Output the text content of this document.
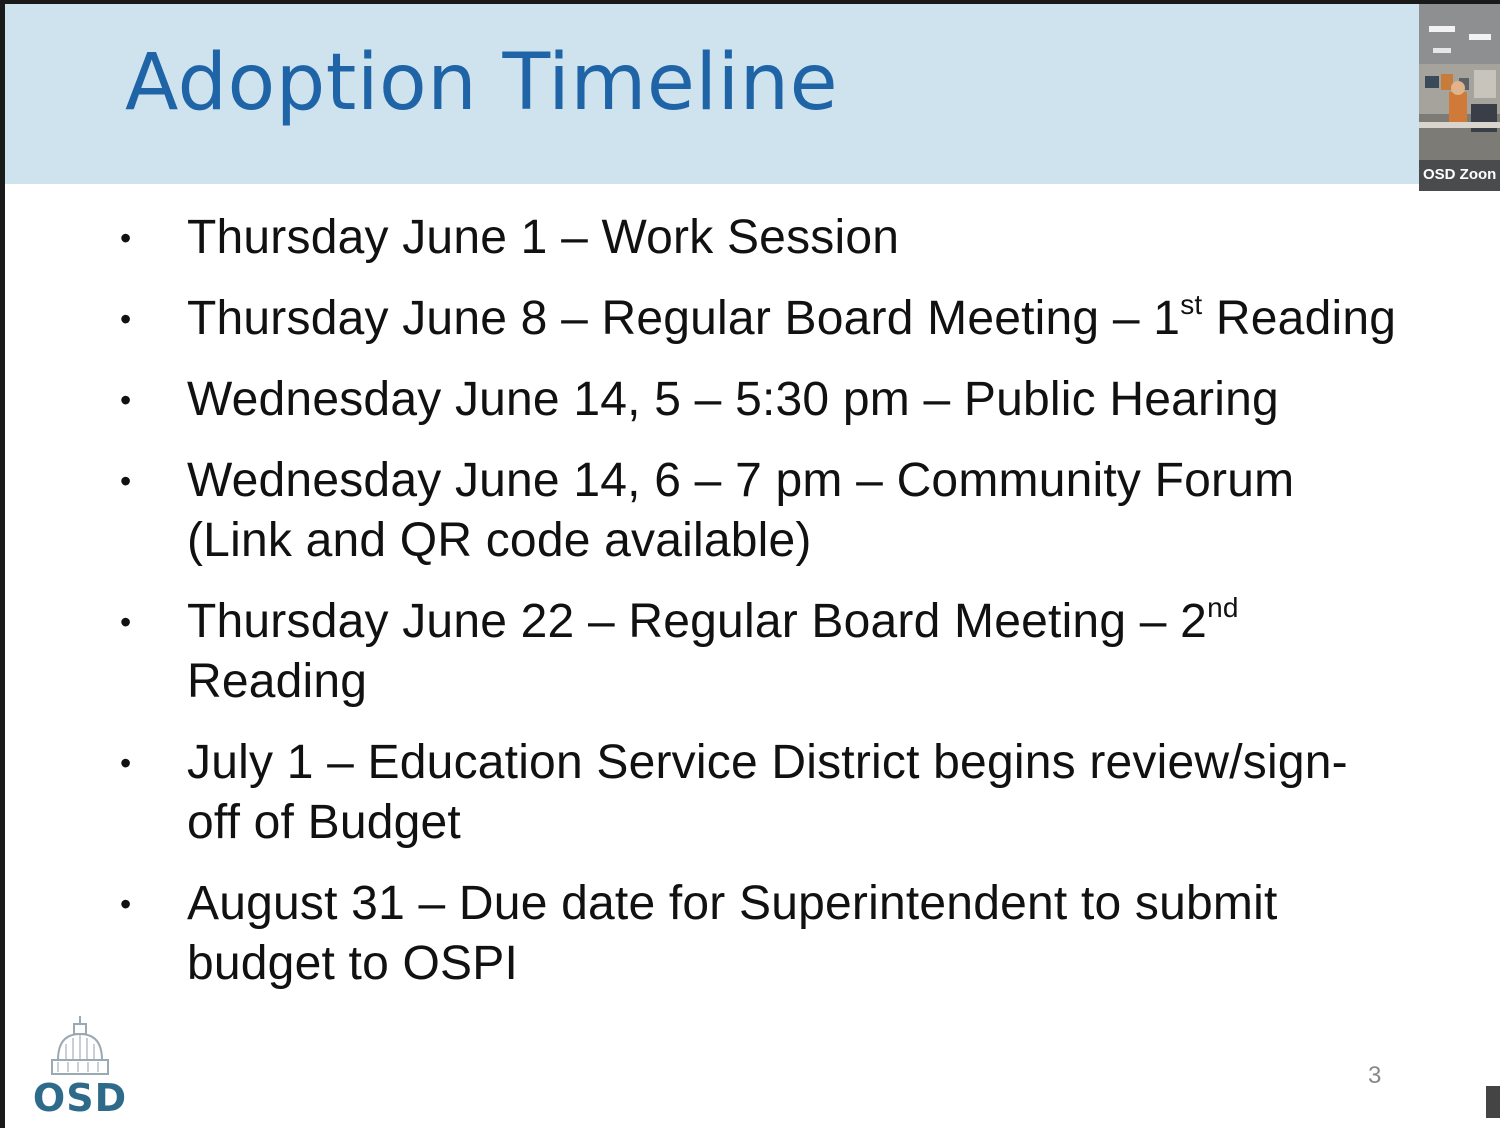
Adoption Timeline
• Thursday June 1 – Work Session
• Thursday June 8 – Regular Board Meeting – 1st Reading
• Wednesday June 14, 5 – 5:30 pm – Public Hearing
• Wednesday June 14, 6 – 7 pm – Community Forum (Link and QR code available)
• Thursday June 22 – Regular Board Meeting – 2nd Reading
• July 1 – Education Service District begins review/sign-off of Budget
• August 31 – Due date for Superintendent to submit budget to OSPI
OSD
3
OSD Zoon
